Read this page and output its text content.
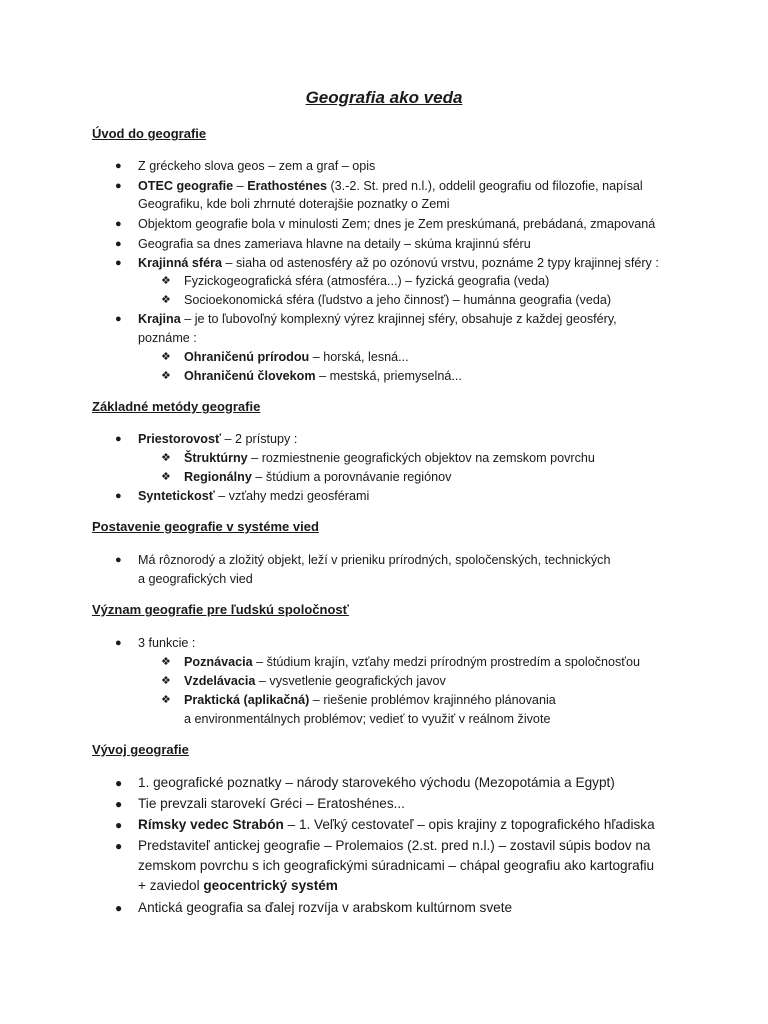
Geografia ako veda
Úvod do geografie
● Z gréckeho slova geos – zem a graf – opis
● OTEC geografie – Erathosténes (3.-2. St. pred n.l.), oddelil geografiu od filozofie, napísal
Geografiku, kde boli zhrnuté doterajšie poznatky o Zemi
● Objektom geografie bola v minulosti Zem; dnes je Zem preskúmaná, prebádaná, zmapovaná
● Geografia sa dnes zameriava hlavne na detaily – skúma krajinnú sféru
● Krajinná sféra – siaha od astenosféry až po ozónovú vrstvu, poznáme 2 typy krajinnej sféry :
❖ Fyzickogeografická sféra (atmosféra...) – fyzická geografia (veda)
❖ Socioekonomická sféra (ľudstvo a jeho činnosť) – humánna geografia (veda)
● Krajina – je to ľubovoľný komplexný výrez krajinnej sféry, obsahuje z každej geosféry,
poznáme :
❖ Ohraničenú prírodou – horská, lesná...
❖ Ohraničenú človekom – mestská, priemyselná...
Základné metódy geografie
● Priestorovosť – 2 prístupy :
❖ Štruktúrny – rozmiestnenie geografických objektov na zemskom povrchu
❖ Regionálny – štúdium a porovnávanie regiónov
● Syntetickosť – vzťahy medzi geosférami
Postavenie geografie v systéme vied
● Má rôznorodý a zložitý objekt, leží v prieniku prírodných, spoločenských, technických
a geografických vied
Význam geografie pre ľudskú spoločnosť
● 3 funkcie :
❖ Poznávacia – štúdium krajín, vzťahy medzi prírodným prostredím a spoločnosťou
❖ Vzdelávacia – vysvetlenie geografických javov
❖ Praktická (aplikačná) – riešenie problémov krajinného plánovania
a environmentálnych problémov; vedieť to využiť v reálnom živote
Vývoj geografie
● 1. geografické poznatky – národy starovekého východu (Mezopotámia a Egypt)
● Tie prevzali starovekí Gréci – Eratoshénes...
● Rímsky vedec Strabón – 1. Veľký cestovateľ – opis krajiny z topografického hľadiska
● Predstaviteľ antickej geografie – Prolemaios (2.st. pred n.l.) – zostavil súpis bodov na
zemskom povrchu s ich geografickými súradnicami – chápal geografiu ako kartografiu
+ zaviedol geocentrický systém
● Antická geografia sa ďalej rozvíja v arabskom kultúrnom svete
